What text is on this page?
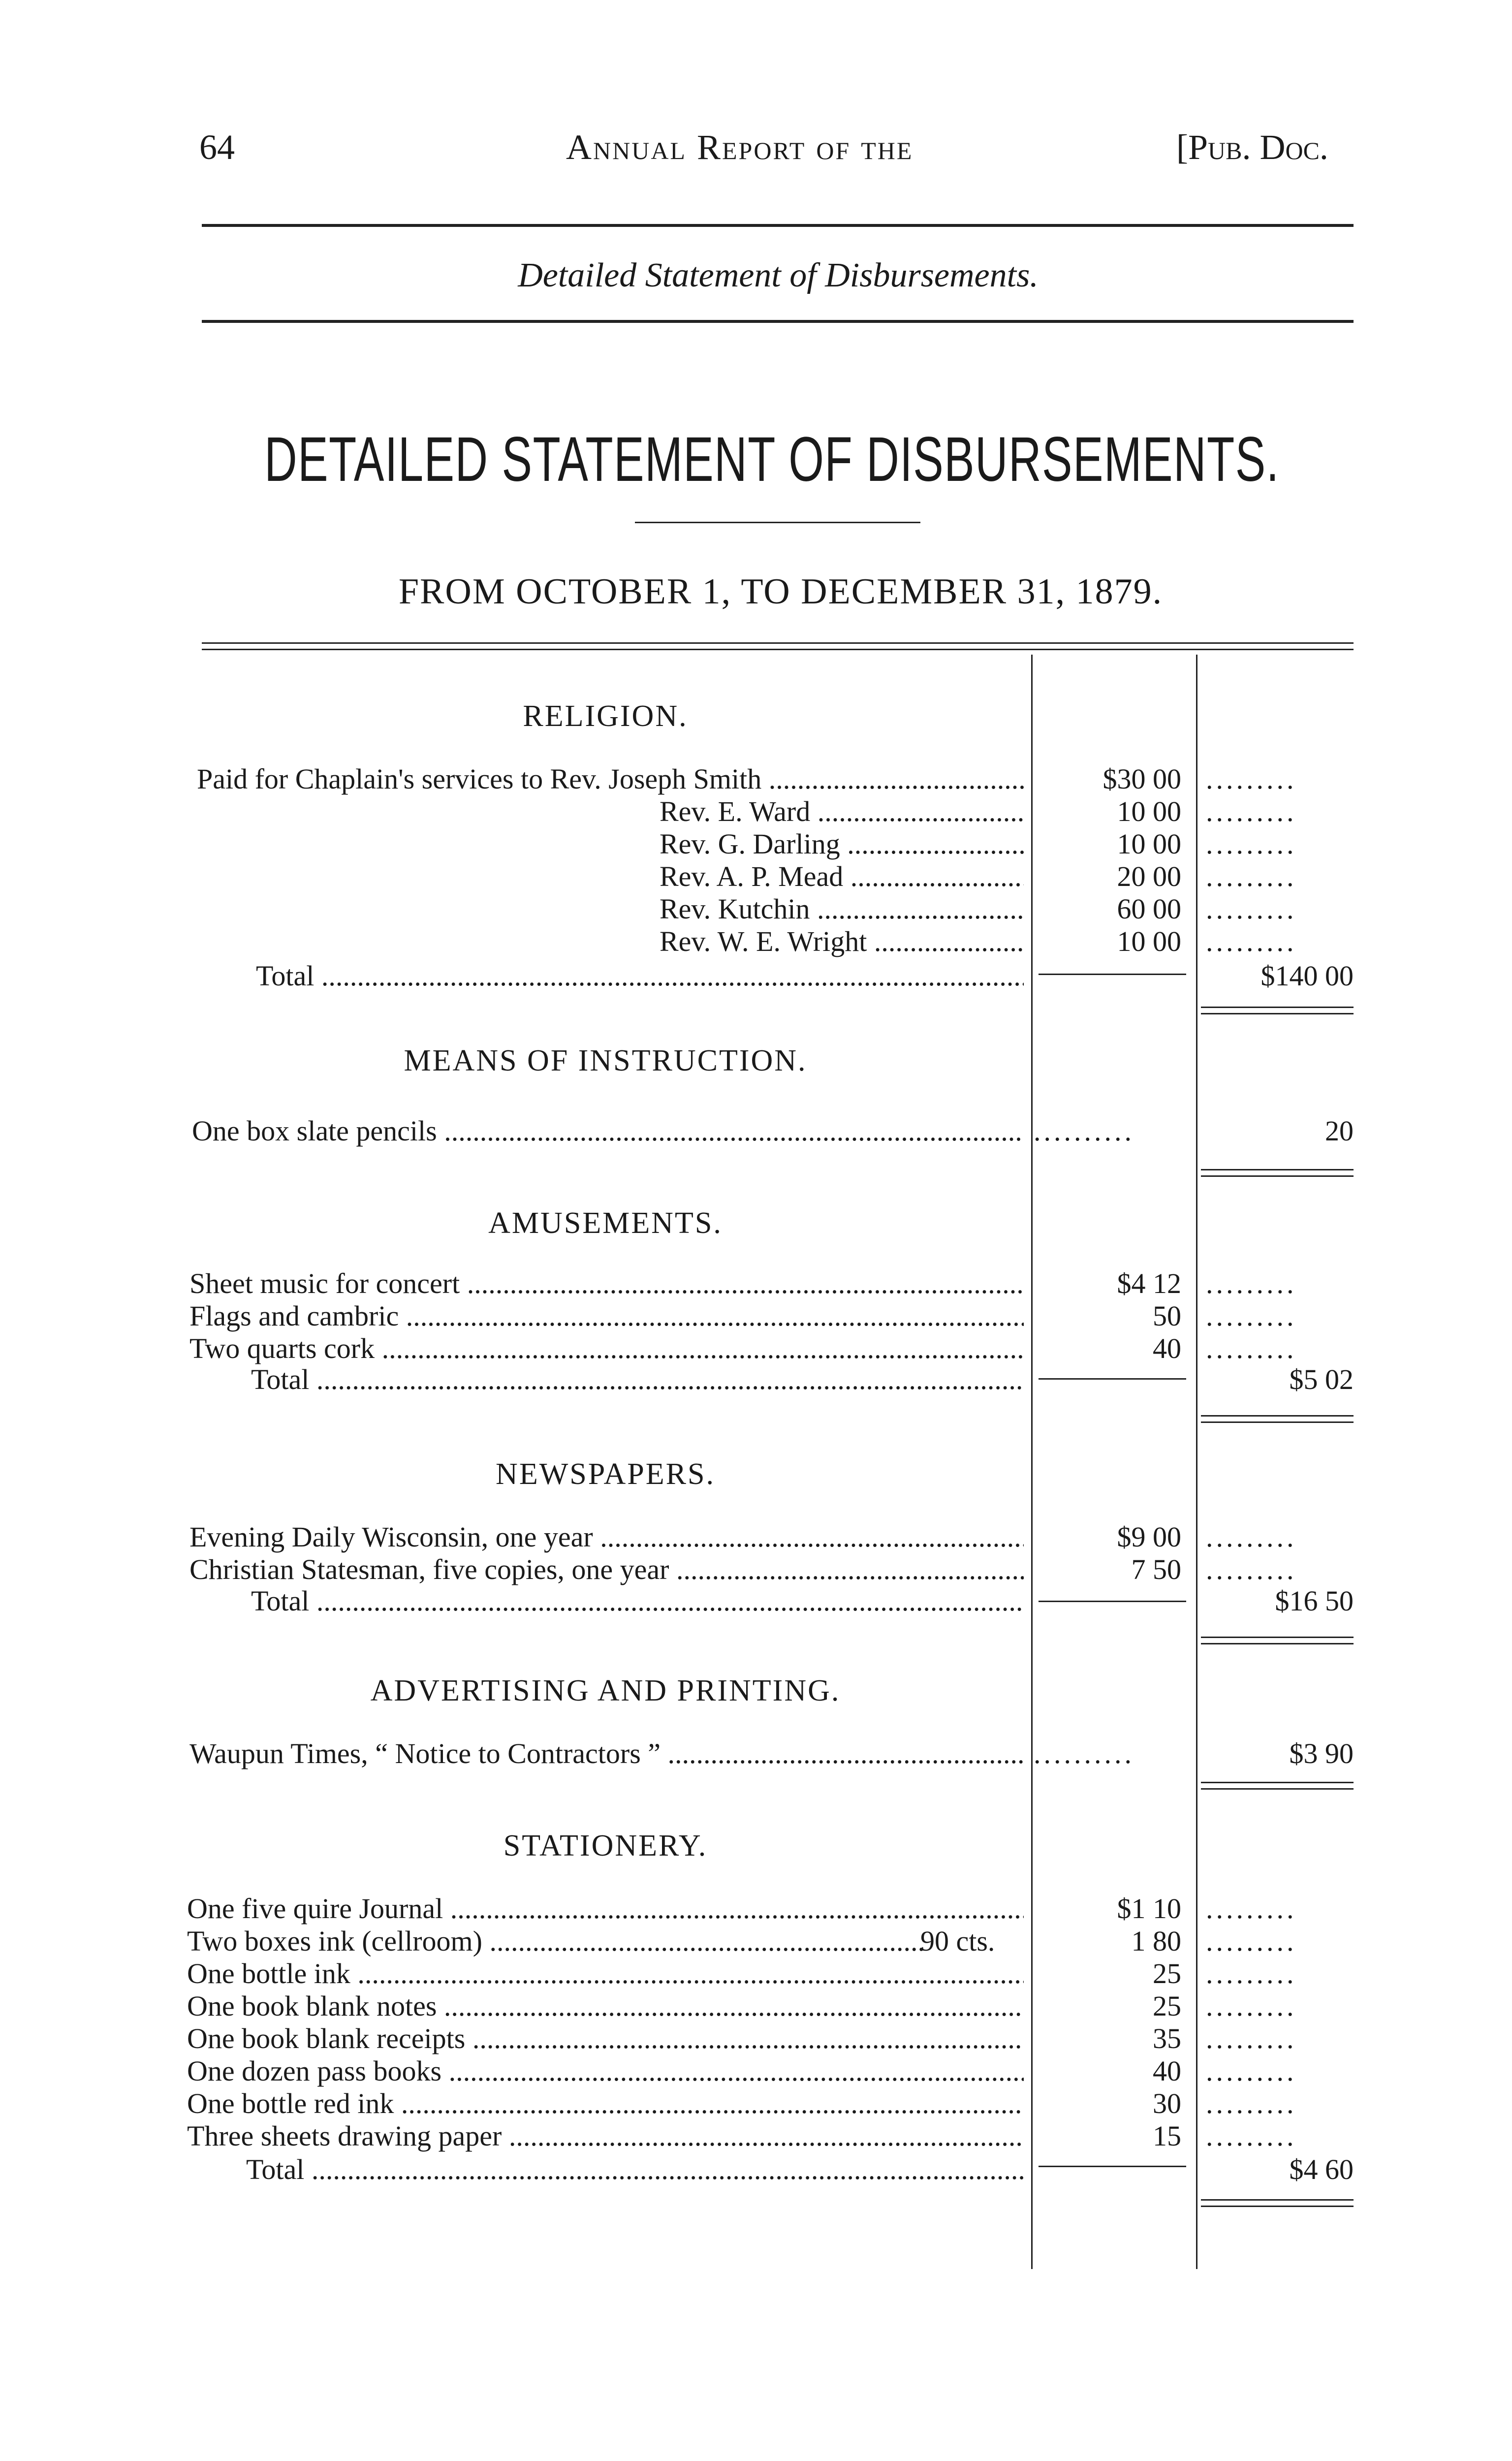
64	Annual Report of the	[Pub. Doc.
Detailed Statement of Disbursements.
DETAILED STATEMENT OF DISBURSEMENTS.
FROM OCTOBER 1, TO DECEMBER 31, 1879.
RELIGION.
Paid for Chaplain's services to Rev. Joseph Smith .....	$30 00 .........
Rev. E. Ward .....	10 00 .........
Rev. G. Darling .....	10 00 .........
Rev. A. P. Mead .....	20 00 .........
Rev. Kutchin .....	60 00 .........
Rev. W. E. Wright .....	10 00 .........
Total .....	$140 00
MEANS OF INSTRUCTION.
One box slate pencils .....	..........	20
AMUSEMENTS.
Sheet music for concert .....	$4 12 .........
Flags and cambric .....	50 .........
Two quarts cork .....	40 .........
Total .....	$5 02
NEWSPAPERS.
Evening Daily Wisconsin, one year .....	$9 00 .........
Christian Statesman, five copies, one year .....	7 50 .........
Total .....	$16 50
ADVERTISING AND PRINTING.
Waupun Times, “ Notice to Contractors ” .....	..........	$3 90
STATIONERY.
One five quire Journal .....	$1 10 .........
Two boxes ink (cellroom) .....	90 cts.	1 80 .........
One bottle ink .....	25 .........
One book blank notes .....	25 .........
One book blank receipts .....	35 .........
One dozen pass books .....	40 .........
One bottle red ink .....	30 .........
Three sheets drawing paper .....	15 .........
Total .....	$4 60
